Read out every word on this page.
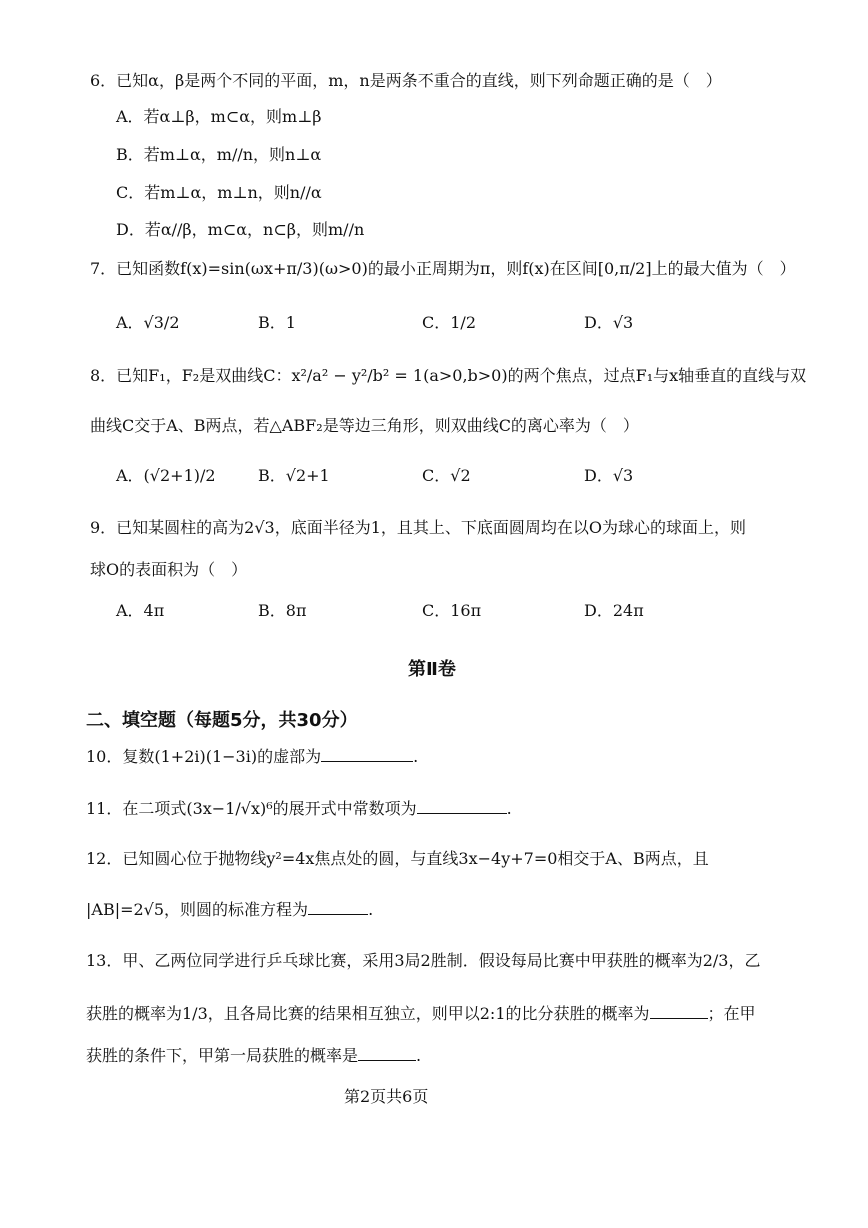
6．已知α，β是两个不同的平面，m，n是两条不重合的直线，则下列命题正确的是（　）
A．若α⊥β，m⊂α，则m⊥β
B．若m⊥α，m//n，则n⊥α
C．若m⊥α，m⊥n，则n//α
D．若α//β，m⊂α，n⊂β，则m//n
7．已知函数f(x)=sin(ωx+π/3)(ω>0)的最小正周期为π，则f(x)在区间[0,π/2]上的最大值为（　）
A．√3/2	B．1	C．1/2	D．√3
8．已知F₁，F₂是双曲线C：x²/a² − y²/b² = 1(a>0,b>0)的两个焦点，过点F₁与x轴垂直的直线与双
曲线C交于A、B两点，若△ABF₂是等边三角形，则双曲线C的离心率为（　）
A．(√2+1)/2	B．√2+1	C．√2	D．√3
9．已知某圆柱的高为2√3，底面半径为1，且其上、下底面圆周均在以O为球心的球面上，则
球O的表面积为（　）
A．4π	B．8π	C．16π	D．24π
第Ⅱ卷
二、填空题（每题5分，共30分）
10．复数(1+2i)(1−3i)的虚部为	.
11．在二项式(3x−1/√x)⁶的展开式中常数项为	.
12．已知圆心位于抛物线y²=4x焦点处的圆，与直线3x−4y+7=0相交于A、B两点，且
|AB|=2√5，则圆的标准方程为	.
13．甲、乙两位同学进行乒乓球比赛，采用3局2胜制．假设每局比赛中甲获胜的概率为2/3，乙
获胜的概率为1/3，且各局比赛的结果相互独立，则甲以2:1的比分获胜的概率为	；在甲
获胜的条件下，甲第一局获胜的概率是	.
第2页共6页
